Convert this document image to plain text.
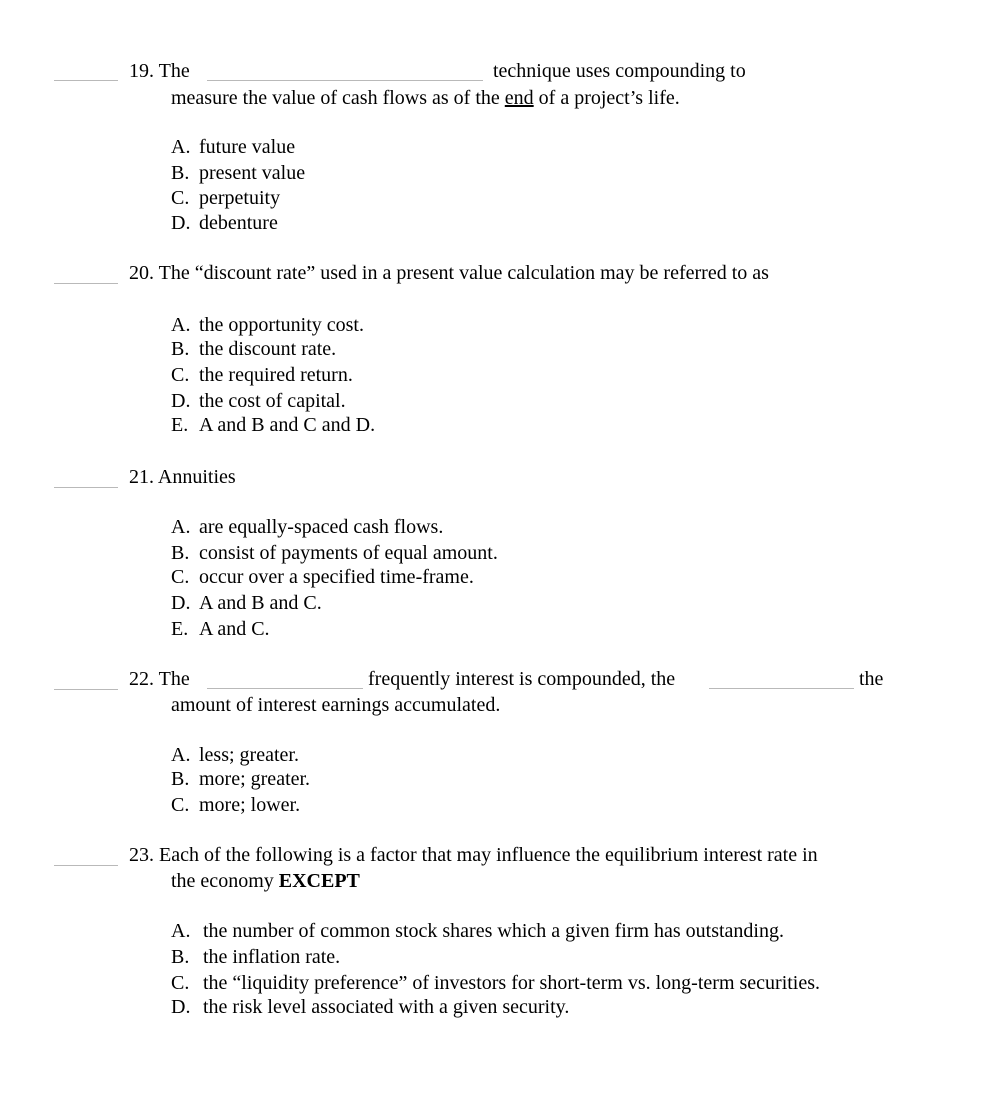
19. The	technique uses compounding to
measure the value of cash flows as of the end of a project’s life.
A. future value
B. present value
C. perpetuity
D. debenture
20. The “discount rate” used in a present value calculation may be referred to as
A. the opportunity cost.
B. the discount rate.
C. the required return.
D. the cost of capital.
E. A and B and C and D.
21. Annuities
A. are equally-spaced cash flows.
B. consist of payments of equal amount.
C. occur over a specified time-frame.
D. A and B and C.
E. A and C.
22. The	frequently interest is compounded, the	the
amount of interest earnings accumulated.
A. less; greater.
B. more; greater.
C. more; lower.
23. Each of the following is a factor that may influence the equilibrium interest rate in
the economy EXCEPT
A. the number of common stock shares which a given firm has outstanding.
B. the inflation rate.
C. the “liquidity preference” of investors for short-term vs. long-term securities.
D. the risk level associated with a given security.
